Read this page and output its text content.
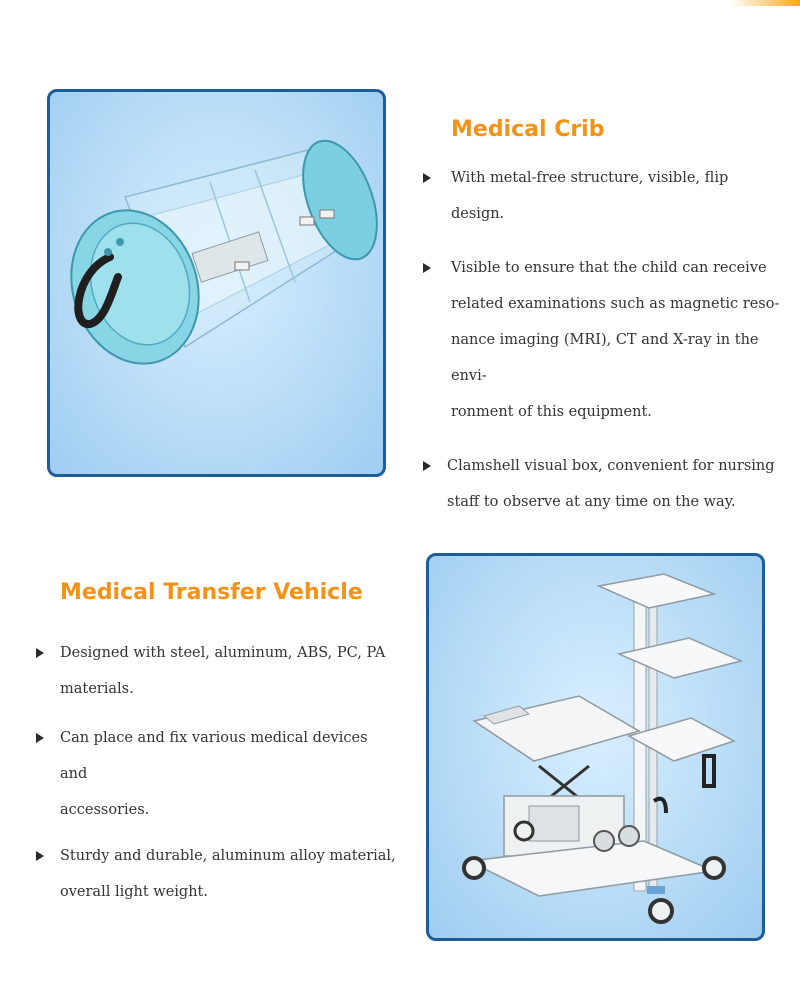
Medical Crib
With metal-free structure, visible, flip design.
Visible to ensure that the child can receive
related examinations such as magnetic reso-
nance imaging (MRI), CT and X-ray in the envi-
ronment of this equipment.
Clamshell visual box, convenient for nursing
staff to observe at any time on the way.
Medical Transfer Vehicle
Designed with steel, aluminum, ABS, PC, PA
materials.
Can place and fix various medical devices and
accessories.
Sturdy and durable, aluminum alloy material,
overall light weight.
